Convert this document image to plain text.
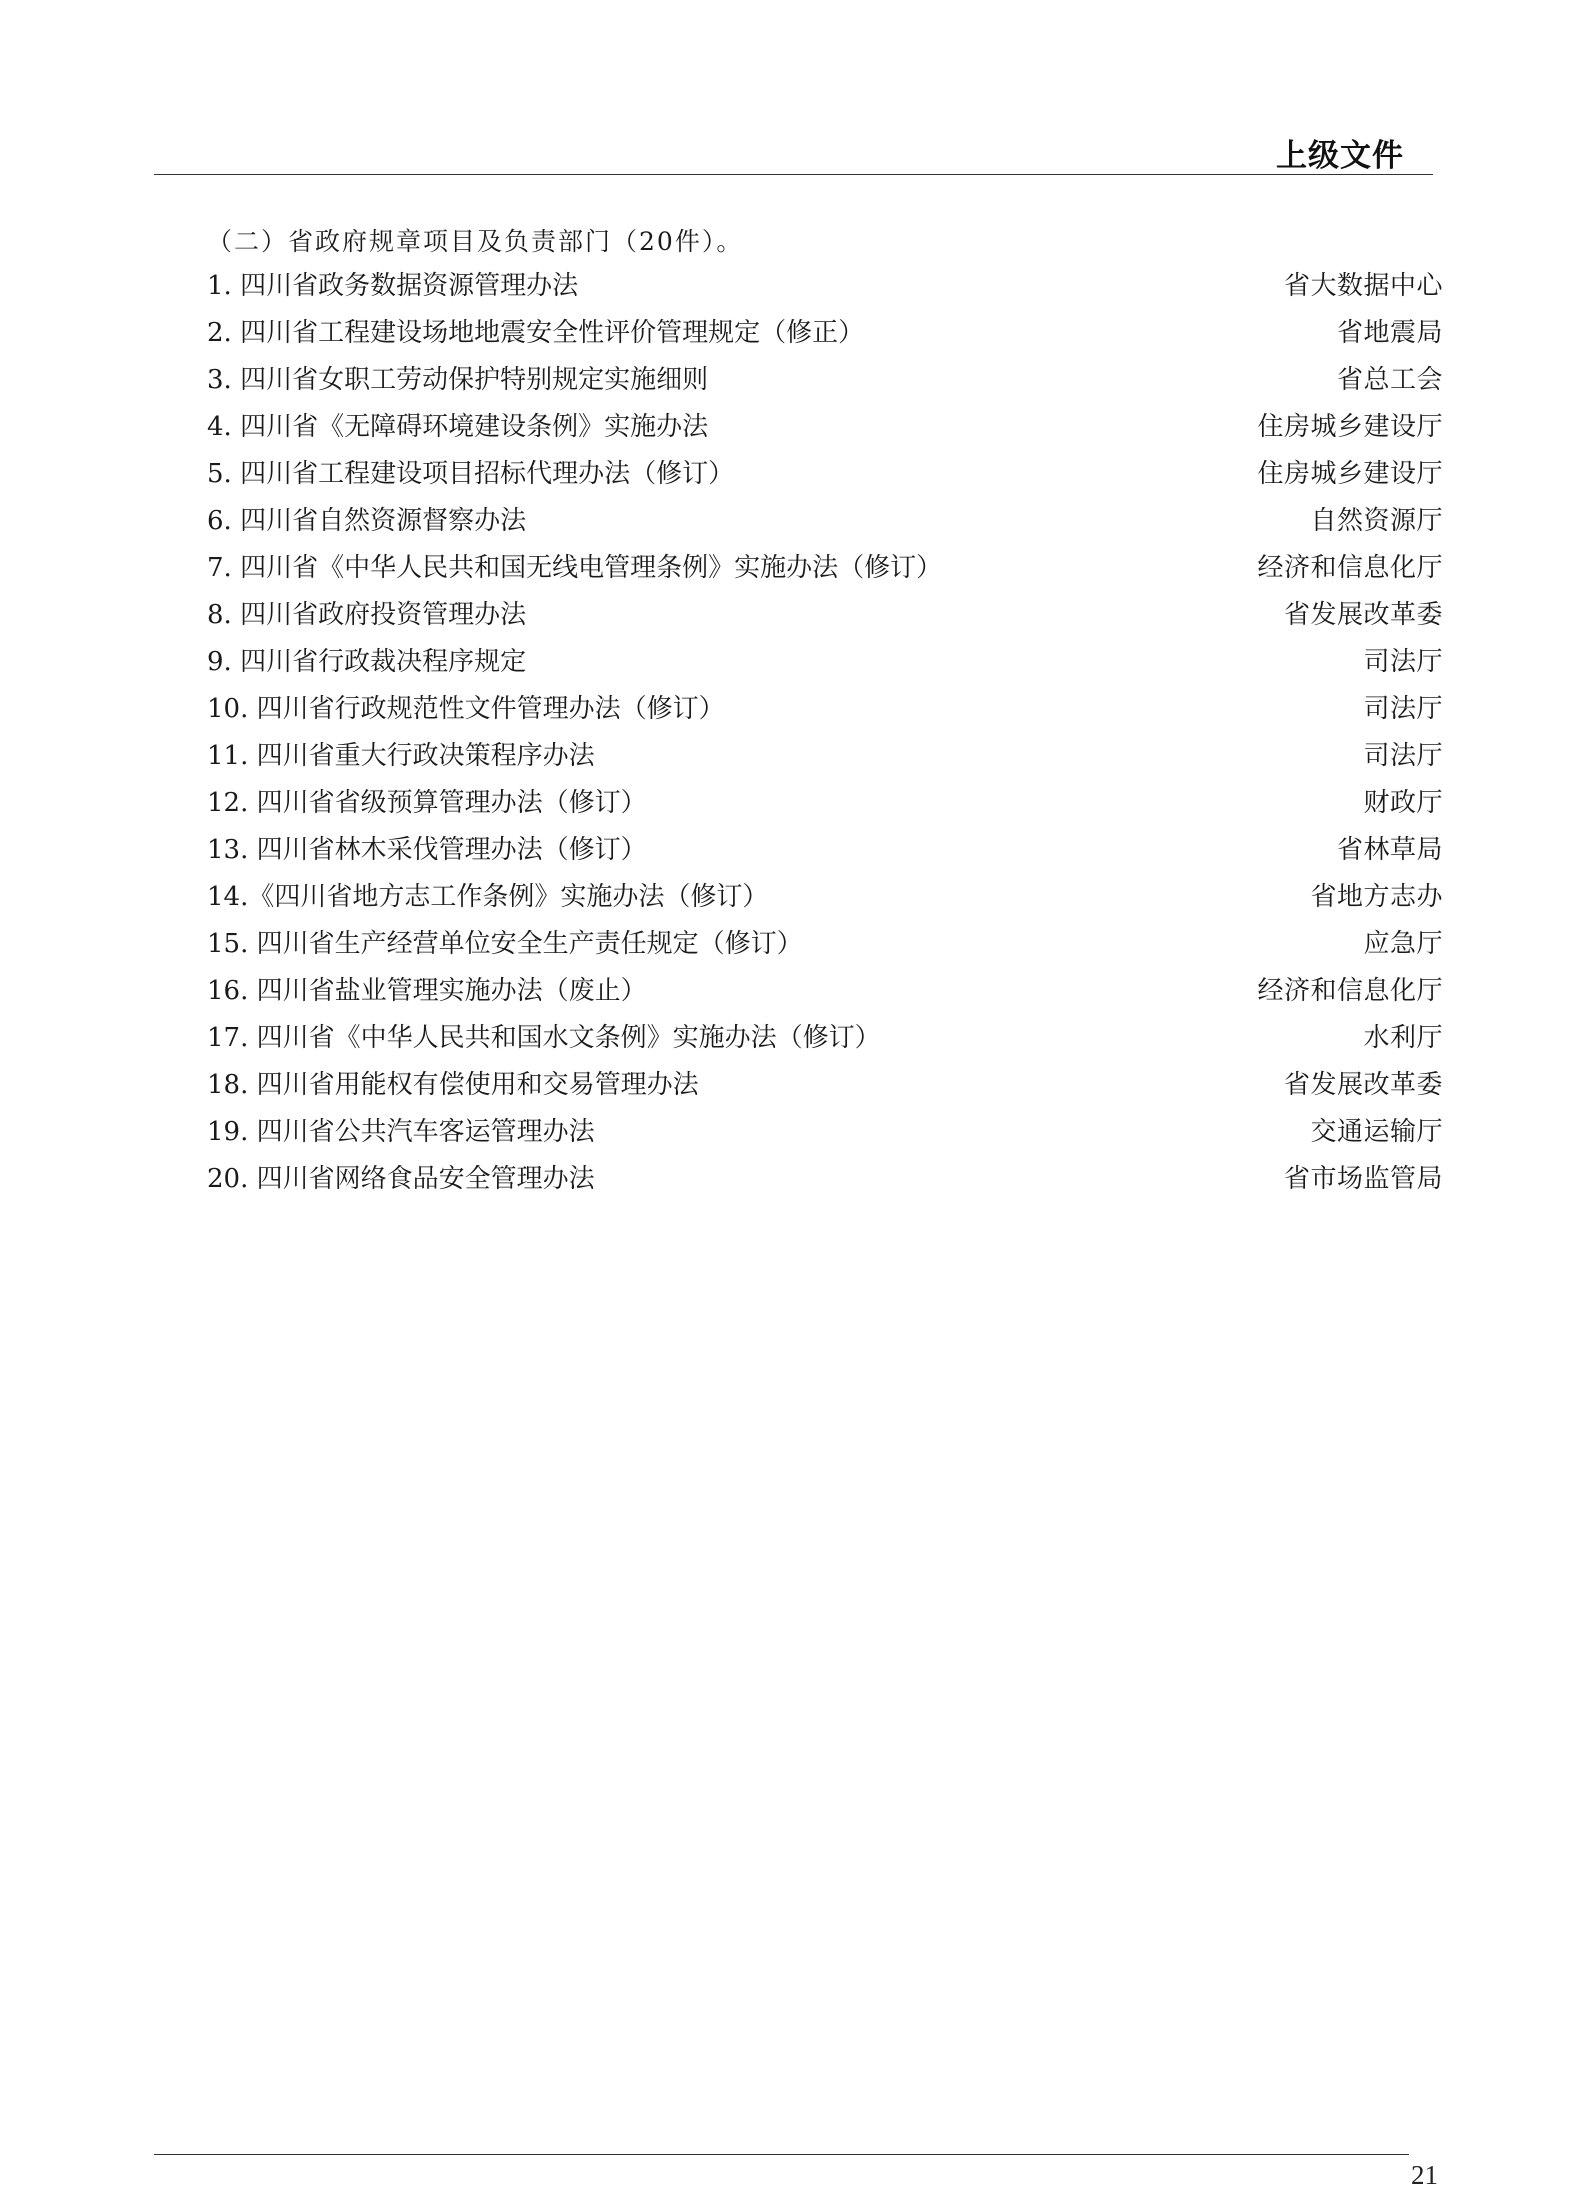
上级文件
（二）省政府规章项目及负责部门（20件）。
1. 四川省政务数据资源管理办法	省大数据中心
2. 四川省工程建设场地地震安全性评价管理规定（修正）	省地震局
3. 四川省女职工劳动保护特别规定实施细则	省总工会
4. 四川省《无障碍环境建设条例》实施办法	住房城乡建设厅
5. 四川省工程建设项目招标代理办法（修订）	住房城乡建设厅
6. 四川省自然资源督察办法	自然资源厅
7. 四川省《中华人民共和国无线电管理条例》实施办法（修订）	经济和信息化厅
8. 四川省政府投资管理办法	省发展改革委
9. 四川省行政裁决程序规定	司法厅
10. 四川省行政规范性文件管理办法（修订）	司法厅
11. 四川省重大行政决策程序办法	司法厅
12. 四川省省级预算管理办法（修订）	财政厅
13. 四川省林木采伐管理办法（修订）	省林草局
14.《四川省地方志工作条例》实施办法（修订）	省地方志办
15. 四川省生产经营单位安全生产责任规定（修订）	应急厅
16. 四川省盐业管理实施办法（废止）	经济和信息化厅
17. 四川省《中华人民共和国水文条例》实施办法（修订）	水利厅
18. 四川省用能权有偿使用和交易管理办法	省发展改革委
19. 四川省公共汽车客运管理办法	交通运输厅
20. 四川省网络食品安全管理办法	省市场监管局
21
